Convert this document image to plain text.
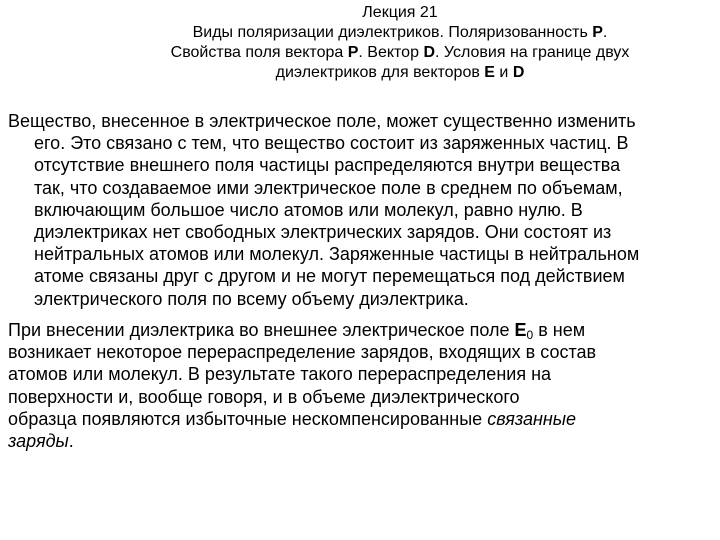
Лекция 21
Виды поляризации диэлектриков. Поляризованность Р.
Свойства поля вектора Р. Вектор D. Условия на границе двух
диэлектриков для векторов Е и D
Вещество, внесенное в электрическое поле, может существенно изменить
его. Это связано с тем, что вещество состоит из заряженных частиц. В
отсутствие внешнего поля частицы распределяются внутри вещества
так, что создаваемое ими электрическое поле в среднем по объемам,
включающим большое число атомов или молекул, равно нулю. В
диэлектриках нет свободных электрических зарядов. Они состоят из
нейтральных атомов или молекул. Заряженные частицы в нейтральном
атоме связаны друг с другом и не могут перемещаться под действием
электрического поля по всему объему диэлектрика.
При внесении диэлектрика во внешнее электрическое поле $E_0$ в нем
возникает некоторое перераспределение зарядов, входящих в состав
атомов или молекул. В результате такого перераспределения на
поверхности и, вообще говоря, и в объеме диэлектрического
образца появляются избыточные нескомпенсированные связанные
заряды.
